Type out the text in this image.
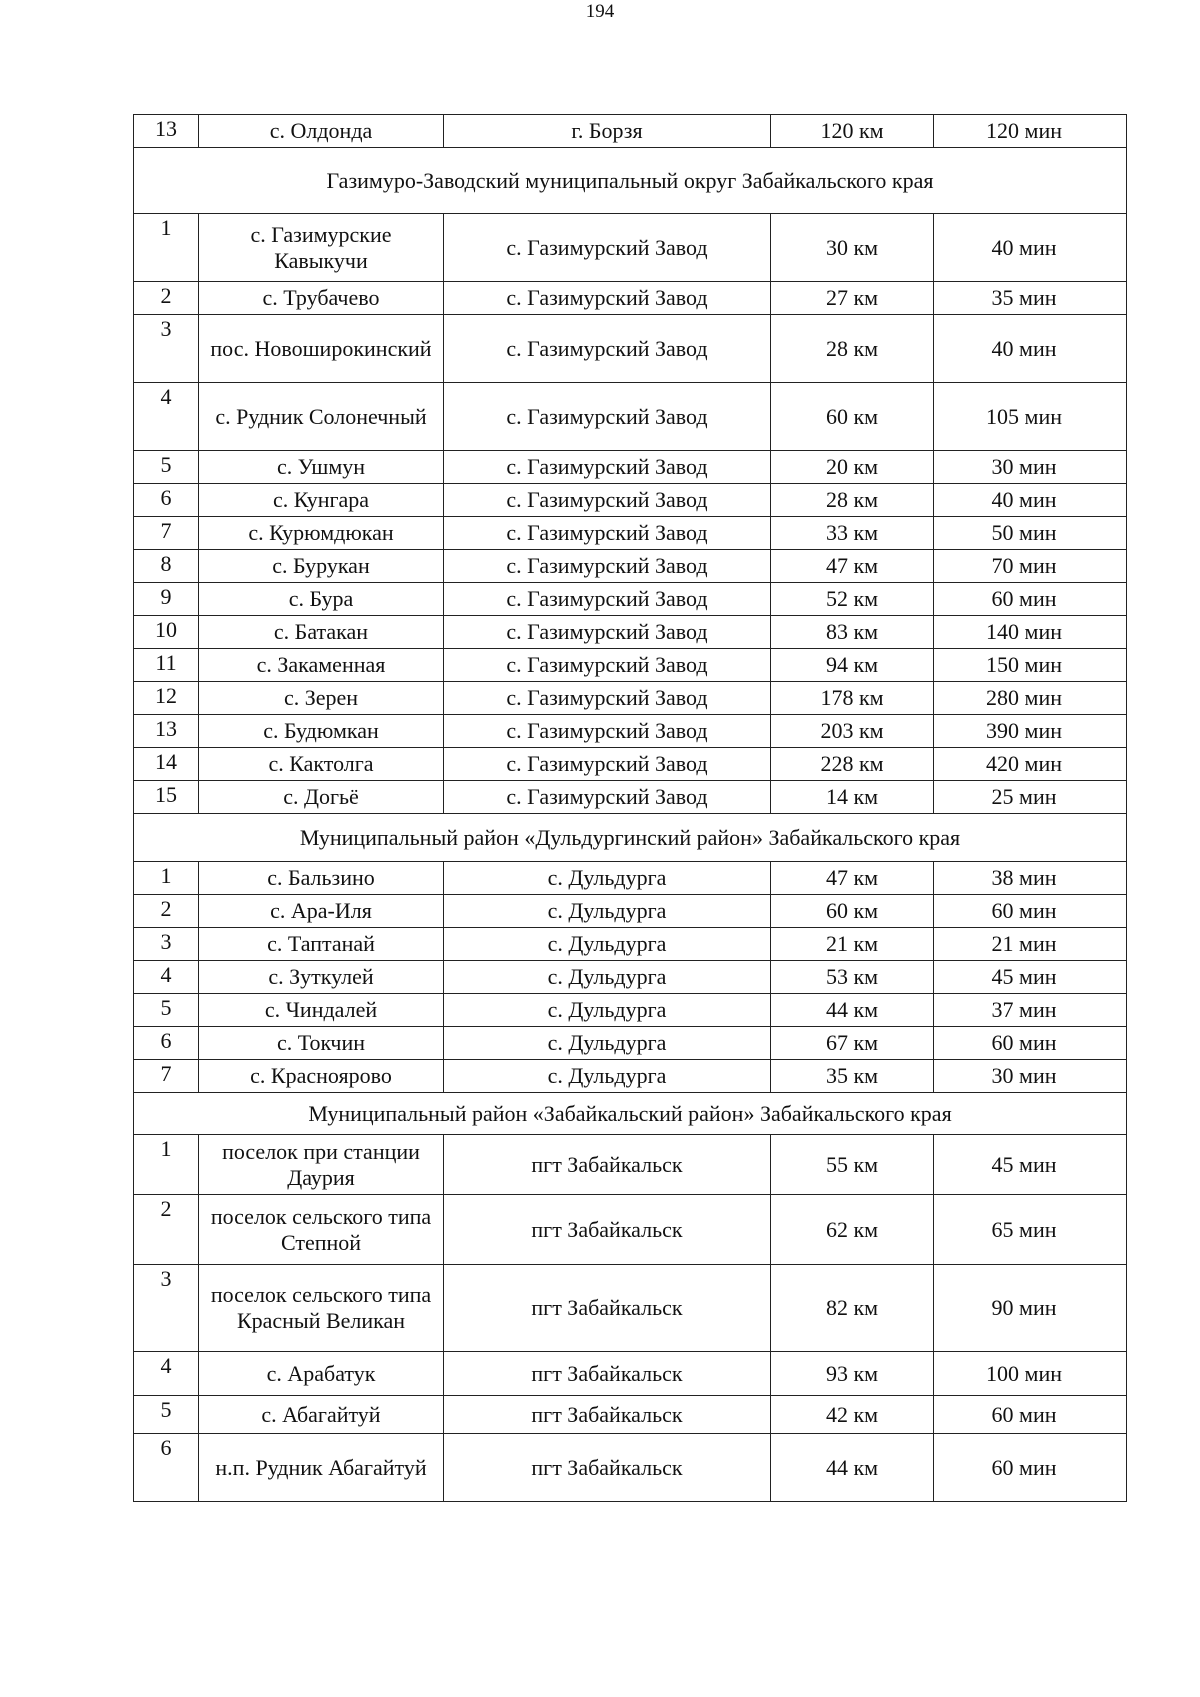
194
13	с. Олдонда	г. Борзя	120 км	120 мин
Газимуро-Заводский муниципальный округ Забайкальского края				
1	с. Газимурские Кавыкучи	с. Газимурский Завод	30 км	40 мин
2	с. Трубачево	с. Газимурский Завод	27 км	35 мин
3	пос. Новоширокинский	с. Газимурский Завод	28 км	40 мин
4	с. Рудник Солонечный	с. Газимурский Завод	60 км	105 мин
5	с. Ушмун	с. Газимурский Завод	20 км	30 мин
6	с. Кунгара	с. Газимурский Завод	28 км	40 мин
7	с. Курюмдюкан	с. Газимурский Завод	33 км	50 мин
8	с. Бурукан	с. Газимурский Завод	47 км	70 мин
9	с. Бура	с. Газимурский Завод	52 км	60 мин
10	с. Батакан	с. Газимурский Завод	83 км	140 мин
11	с. Закаменная	с. Газимурский Завод	94 км	150 мин
12	с. Зерен	с. Газимурский Завод	178 км	280 мин
13	с. Будюмкан	с. Газимурский Завод	203 км	390 мин
14	с. Кактолга	с. Газимурский Завод	228 км	420 мин
15	с. Догьё	с. Газимурский Завод	14 км	25 мин
Муниципальный район «Дульдургинский район» Забайкальского края				
1	с. Бальзино	с. Дульдурга	47 км	38 мин
2	с. Ара-Иля	с. Дульдурга	60 км	60 мин
3	с. Таптанай	с. Дульдурга	21 км	21 мин
4	с. Зуткулей	с. Дульдурга	53 км	45 мин
5	с. Чиндалей	с. Дульдурга	44 км	37 мин
6	с. Токчин	с. Дульдурга	67 км	60 мин
7	с. Красноярово	с. Дульдурга	35 км	30 мин
Муниципальный район «Забайкальский район» Забайкальского края				
1	поселок при станции Даурия	пгт Забайкальск	55 км	45 мин
2	поселок сельского типа Степной	пгт Забайкальск	62 км	65 мин
3	поселок сельского типа Красный Великан	пгт Забайкальск	82 км	90 мин
4	с. Арабатук	пгт Забайкальск	93 км	100 мин
5	с. Абагайтуй	пгт Забайкальск	42 км	60 мин
6	н.п. Рудник Абагайтуй	пгт Забайкальск	44 км	60 мин
